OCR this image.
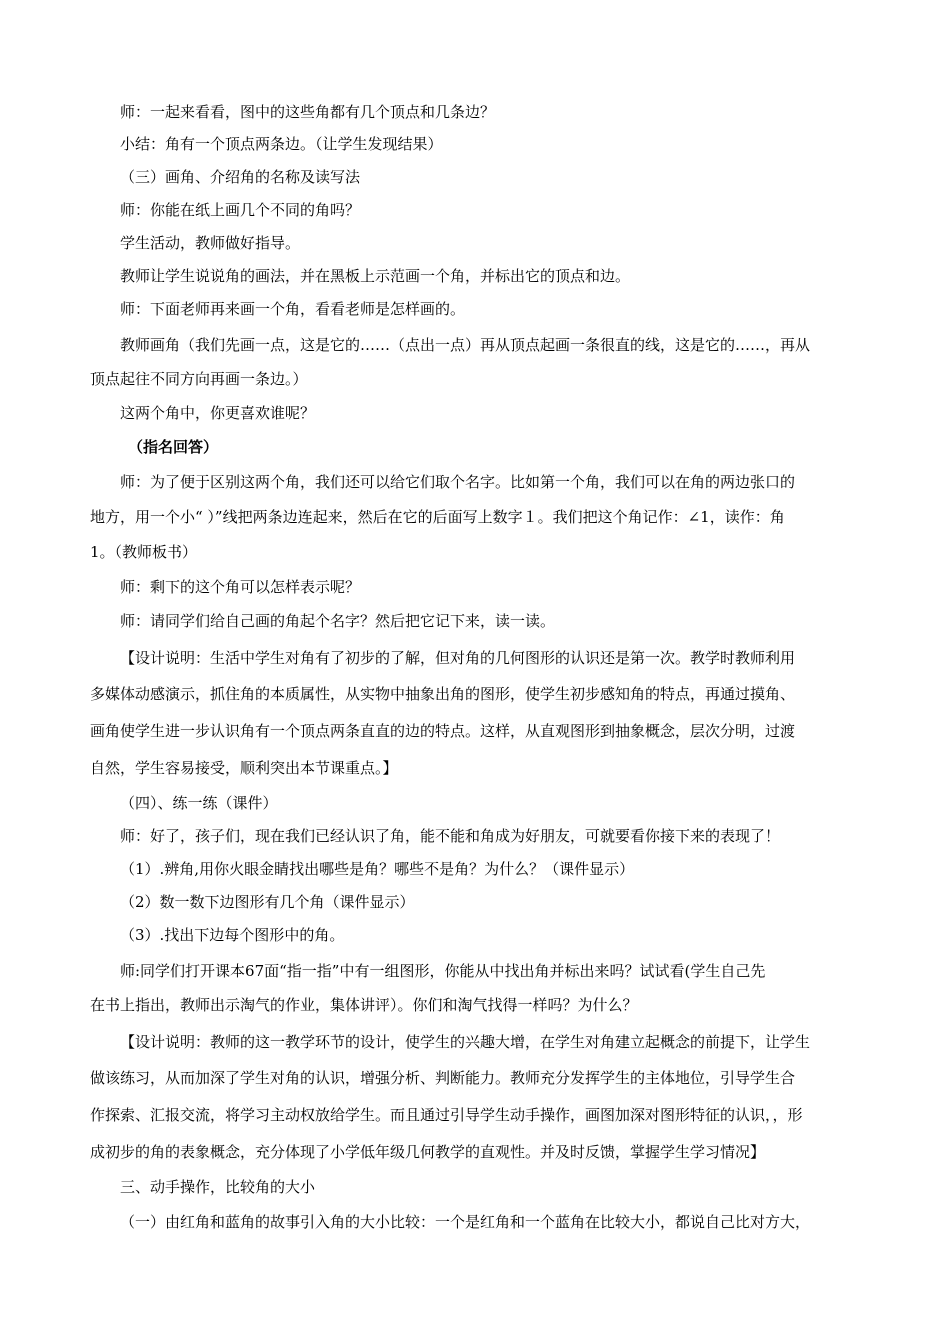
师：一起来看看，图中的这些角都有几个顶点和几条边？
小结：角有一个顶点两条边。（让学生发现结果）
（三）画角、介绍角的名称及读写法
师：你能在纸上画几个不同的角吗？
学生活动，教师做好指导。
教师让学生说说角的画法，并在黑板上示范画一个角，并标出它的顶点和边。
师：下面老师再来画一个角，看看老师是怎样画的。
教师画角（我们先画一点，这是它的……（点出一点）再从顶点起画一条很直的线，这是它的……，再从
顶点起往不同方向再画一条边。）
这两个角中，你更喜欢谁呢？
（指名回答）
师：为了便于区别这两个角，我们还可以给它们取个名字。比如第一个角，我们可以在角的两边张口的
地方，用一个小“ ）”线把两条边连起来，然后在它的后面写上数字１。我们把这个角记作：∠1，读作：角
1。（教师板书）
师：剩下的这个角可以怎样表示呢？
师：请同学们给自己画的角起个名字？然后把它记下来，读一读。
【设计说明：生活中学生对角有了初步的了解，但对角的几何图形的认识还是第一次。教学时教师利用
多媒体动感演示，抓住角的本质属性，从实物中抽象出角的图形，使学生初步感知角的特点，再通过摸角、
画角使学生进一步认识角有一个顶点两条直直的边的特点。这样，从直观图形到抽象概念，层次分明，过渡
自然，学生容易接受，顺利突出本节课重点。】
（四）、练一练（课件）
师：好了，孩子们，现在我们已经认识了角，能不能和角成为好朋友，可就要看你接下来的表现了！
（1）.辨角,用你火眼金睛找出哪些是角？哪些不是角？为什么？（课件显示）
（2）数一数下边图形有几个角（课件显示）
（3）.找出下边每个图形中的角。
师:同学们打开课本67面“指一指”中有一组图形，你能从中找出角并标出来吗？试试看(学生自己先
在书上指出，教师出示淘气的作业，集体讲评）。你们和淘气找得一样吗？为什么？
【设计说明：教师的这一教学环节的设计，使学生的兴趣大增，在学生对角建立起概念的前提下，让学生
做该练习，从而加深了学生对角的认识，增强分析、判断能力。教师充分发挥学生的主体地位，引导学生合
作探索、汇报交流，将学习主动权放给学生。而且通过引导学生动手操作，画图加深对图形特征的认识，，形
成初步的角的表象概念，充分体现了小学低年级几何教学的直观性。并及时反馈，掌握学生学习情况】
三、动手操作，比较角的大小
（一）由红角和蓝角的故事引入角的大小比较：一个是红角和一个蓝角在比较大小，都说自己比对方大，
